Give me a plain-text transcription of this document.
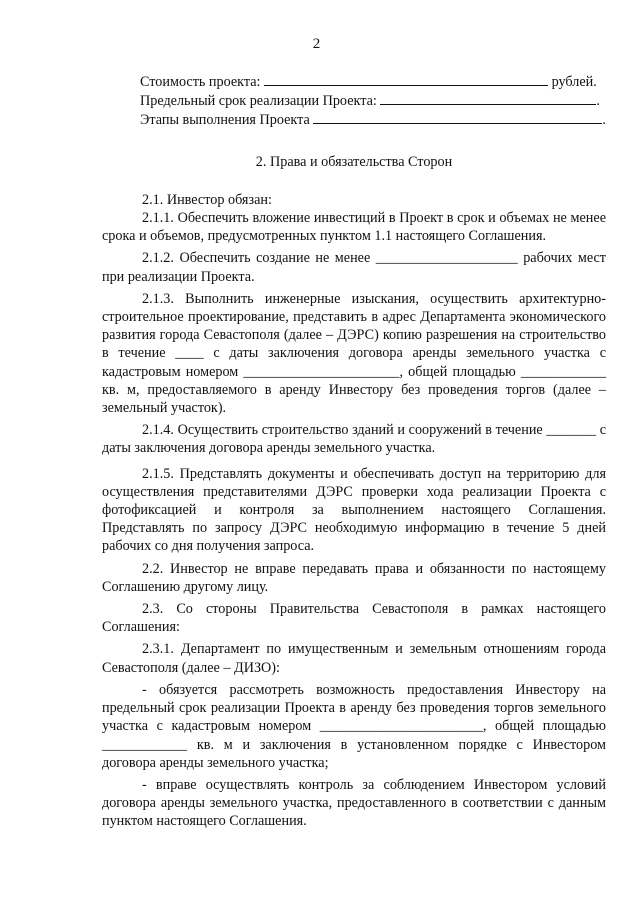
2

Стоимость проекта:	рублей.

Предельный срок реализации Проекта:	.

Этапы выполнения Проекта	.

2. Права и обязательства Сторон

2.1. Инвестор обязан:

2.1.1. Обеспечить вложение инвестиций в Проект в срок и объемах не менее срока и объемов, предусмотренных пунктом 1.1 настоящего Соглашения.

2.1.2. Обеспечить создание не менее ____________________ рабочих мест при реализации Проекта.

2.1.3. Выполнить инженерные изыскания, осуществить архитектурно-строительное проектирование, представить в адрес Департамента экономического развития города Севастополя (далее – ДЭРС) копию разрешения на строительство в течение ____ с даты заключения договора аренды земельного участка с кадастровым номером ______________________, общей площадью ____________ кв. м, предоставляемого в аренду Инвестору без проведения торгов (далее – земельный участок).

2.1.4. Осуществить строительство зданий и сооружений в течение _______ с даты заключения договора аренды земельного участка.

2.1.5. Представлять документы и обеспечивать доступ на территорию для осуществления представителями ДЭРС проверки хода реализации Проекта с фотофиксацией и контроля за выполнением настоящего Соглашения. Представлять по запросу ДЭРС необходимую информацию в течение 5 дней рабочих со дня получения запроса.

2.2. Инвестор не вправе передавать права и обязанности по настоящему Соглашению другому лицу.

2.3. Со стороны Правительства Севастополя в рамках настоящего Соглашения:

2.3.1. Департамент по имущественным и земельным отношениям города Севастополя (далее – ДИЗО):

- обязуется рассмотреть возможность предоставления Инвестору на предельный срок реализации Проекта в аренду без проведения торгов земельного участка с кадастровым номером _______________________, общей площадью ____________ кв. м и заключения в установленном порядке с Инвестором договора аренды земельного участка;

- вправе осуществлять контроль за соблюдением Инвестором условий договора аренды земельного участка, предоставленного в соответствии с данным пунктом настоящего Соглашения.
